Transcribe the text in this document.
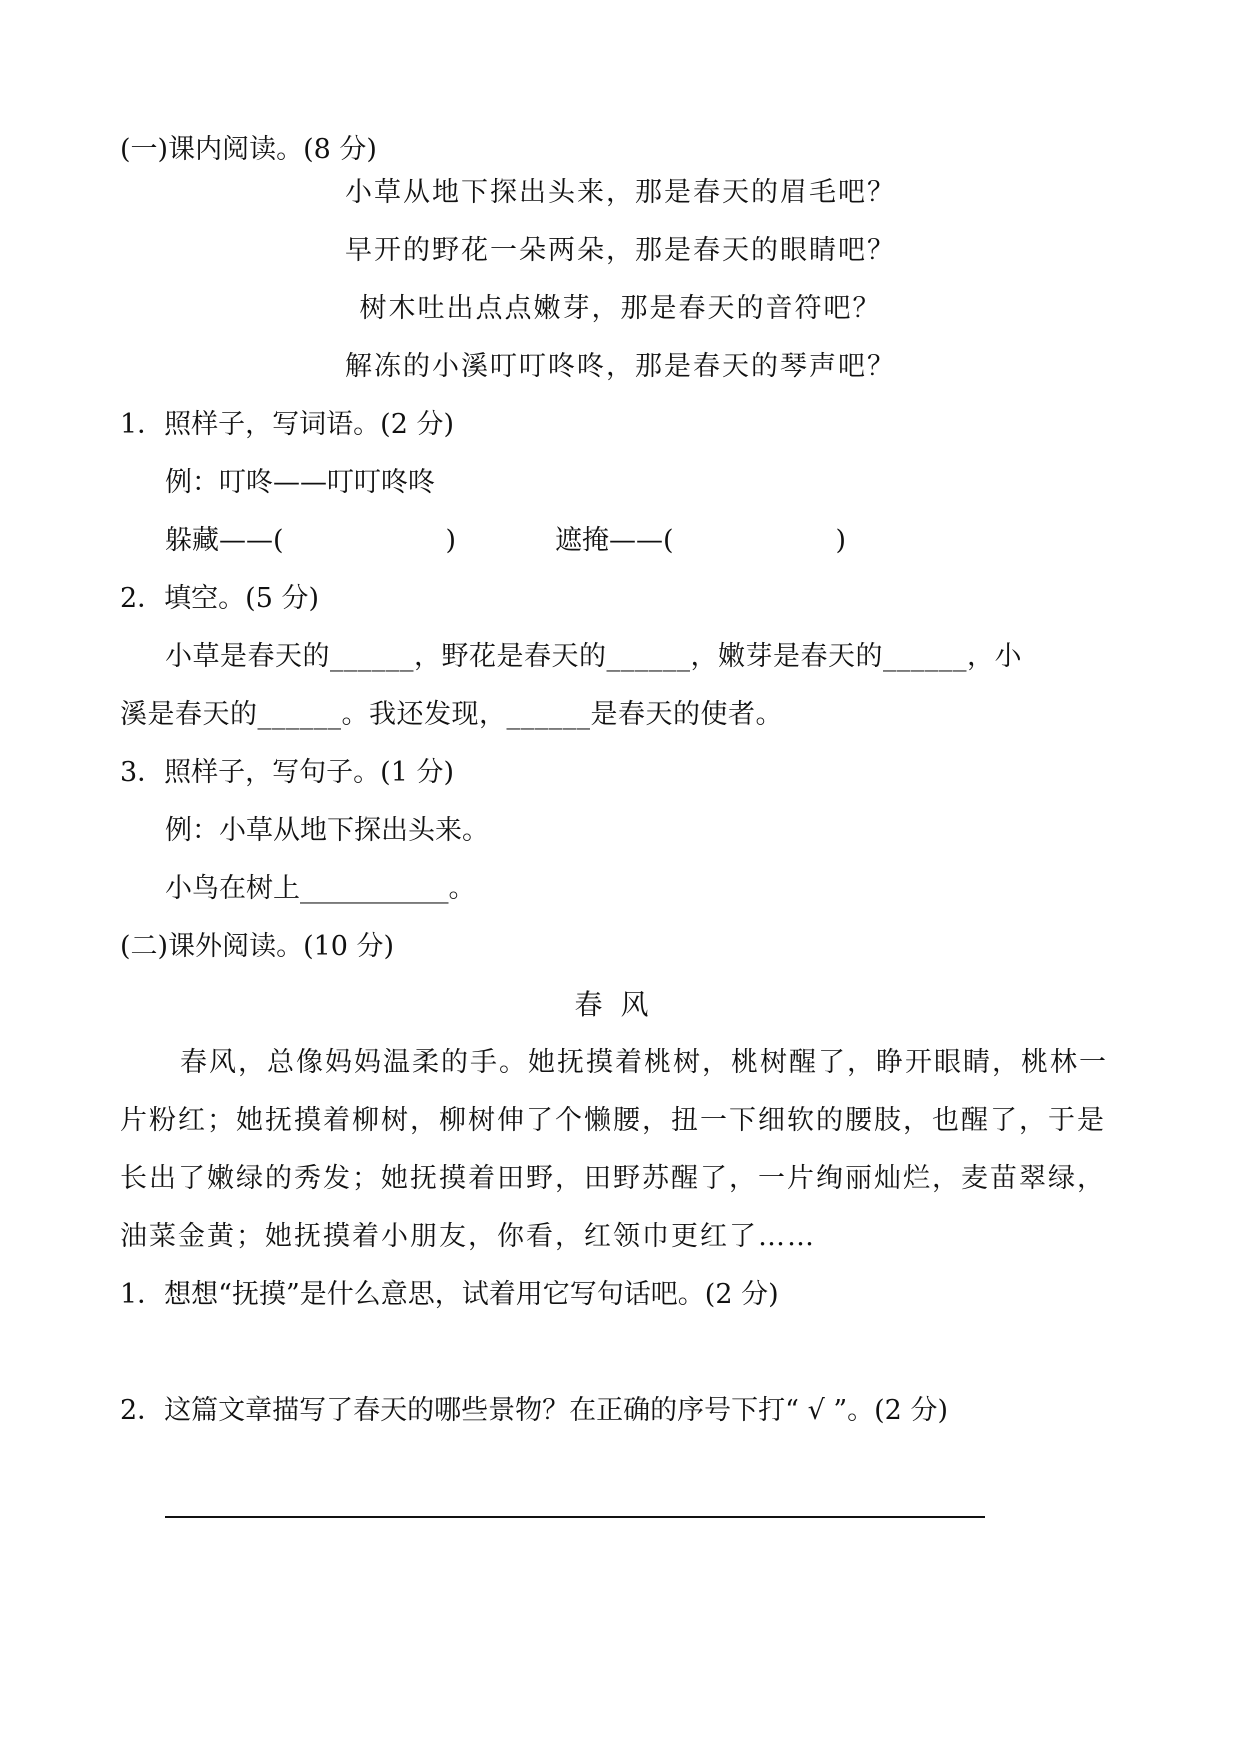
(一)课内阅读。(8 分)
小草从地下探出头来，那是春天的眉毛吧？
早开的野花一朵两朵，那是春天的眼睛吧？
树木吐出点点嫩芽，那是春天的音符吧？
解冻的小溪叮叮咚咚，那是春天的琴声吧？
1．照样子，写词语。(2 分)
例：叮咚——叮叮咚咚
躲藏——(　　　　　　)	遮掩——(　　　　　　)
2．填空。(5 分)
小草是春天的______，野花是春天的______，嫩芽是春天的______，小
溪是春天的______。我还发现，______是春天的使者。
3．照样子，写句子。(1 分)
例：小草从地下探出头来。
小鸟在树上___________。
(二)课外阅读。(10 分)
春风
春风，总像妈妈温柔的手。她抚摸着桃树，桃树醒了，睁开眼睛，桃林一
片粉红；她抚摸着柳树，柳树伸了个懒腰，扭一下细软的腰肢，也醒了，于是
长出了嫩绿的秀发；她抚摸着田野，田野苏醒了，一片绚丽灿烂，麦苗翠绿，
油菜金黄；她抚摸着小朋友，你看，红领巾更红了……
1．想想“抚摸”是什么意思，试着用它写句话吧。(2 分)
2．这篇文章描写了春天的哪些景物？在正确的序号下打“ √ ”。(2 分)
